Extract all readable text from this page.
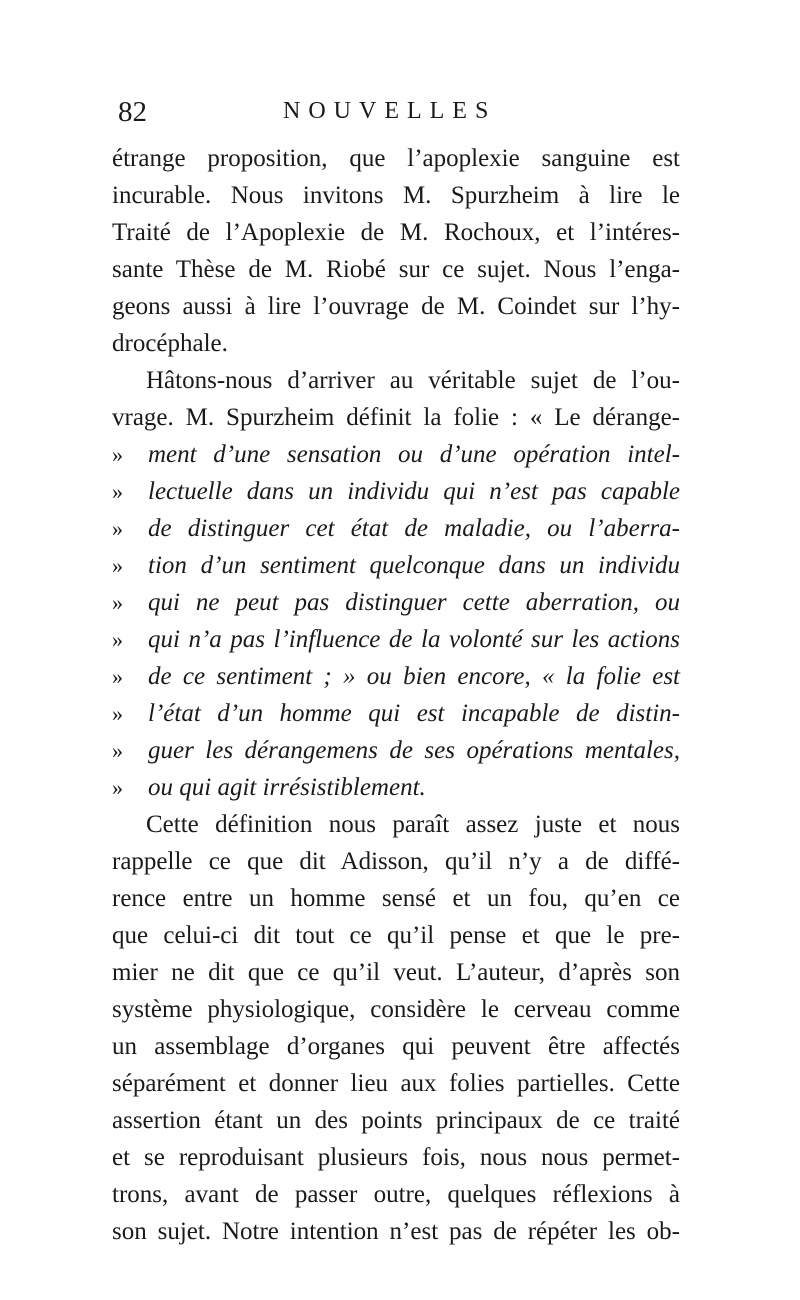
82	NOUVELLES
étrange proposition, que l’apoplexie sanguine est
incurable. Nous invitons M. Spurzheim à lire le
Traité de l’Apoplexie de M. Rochoux, et l’intéres-
sante Thèse de M. Riobé sur ce sujet. Nous l’enga-
geons aussi à lire l’ouvrage de M. Coindet sur l’hy-
drocéphale.
Hâtons-nous d’arriver au véritable sujet de l’ou-
vrage. M. Spurzheim définit la folie : « Le dérange-
» ment d’une sensation ou d’une opération intel-
» lectuelle dans un individu qui n’est pas capable
» de distinguer cet état de maladie, ou l’aberra-
» tion d’un sentiment quelconque dans un individu
» qui ne peut pas distinguer cette aberration, ou
» qui n’a pas l’influence de la volonté sur les actions
» de ce sentiment ; » ou bien encore, « la folie est
» l’état d’un homme qui est incapable de distin-
» guer les dérangemens de ses opérations mentales,
» ou qui agit irrésistiblement.
Cette définition nous paraît assez juste et nous
rappelle ce que dit Adisson, qu’il n’y a de diffé-
rence entre un homme sensé et un fou, qu’en ce
que celui-ci dit tout ce qu’il pense et que le pre-
mier ne dit que ce qu’il veut. L’auteur, d’après son
système physiologique, considère le cerveau comme
un assemblage d’organes qui peuvent être affectés
séparément et donner lieu aux folies partielles. Cette
assertion étant un des points principaux de ce traité
et se reproduisant plusieurs fois, nous nous permet-
trons, avant de passer outre, quelques réflexions à
son sujet. Notre intention n’est pas de répéter les ob-
